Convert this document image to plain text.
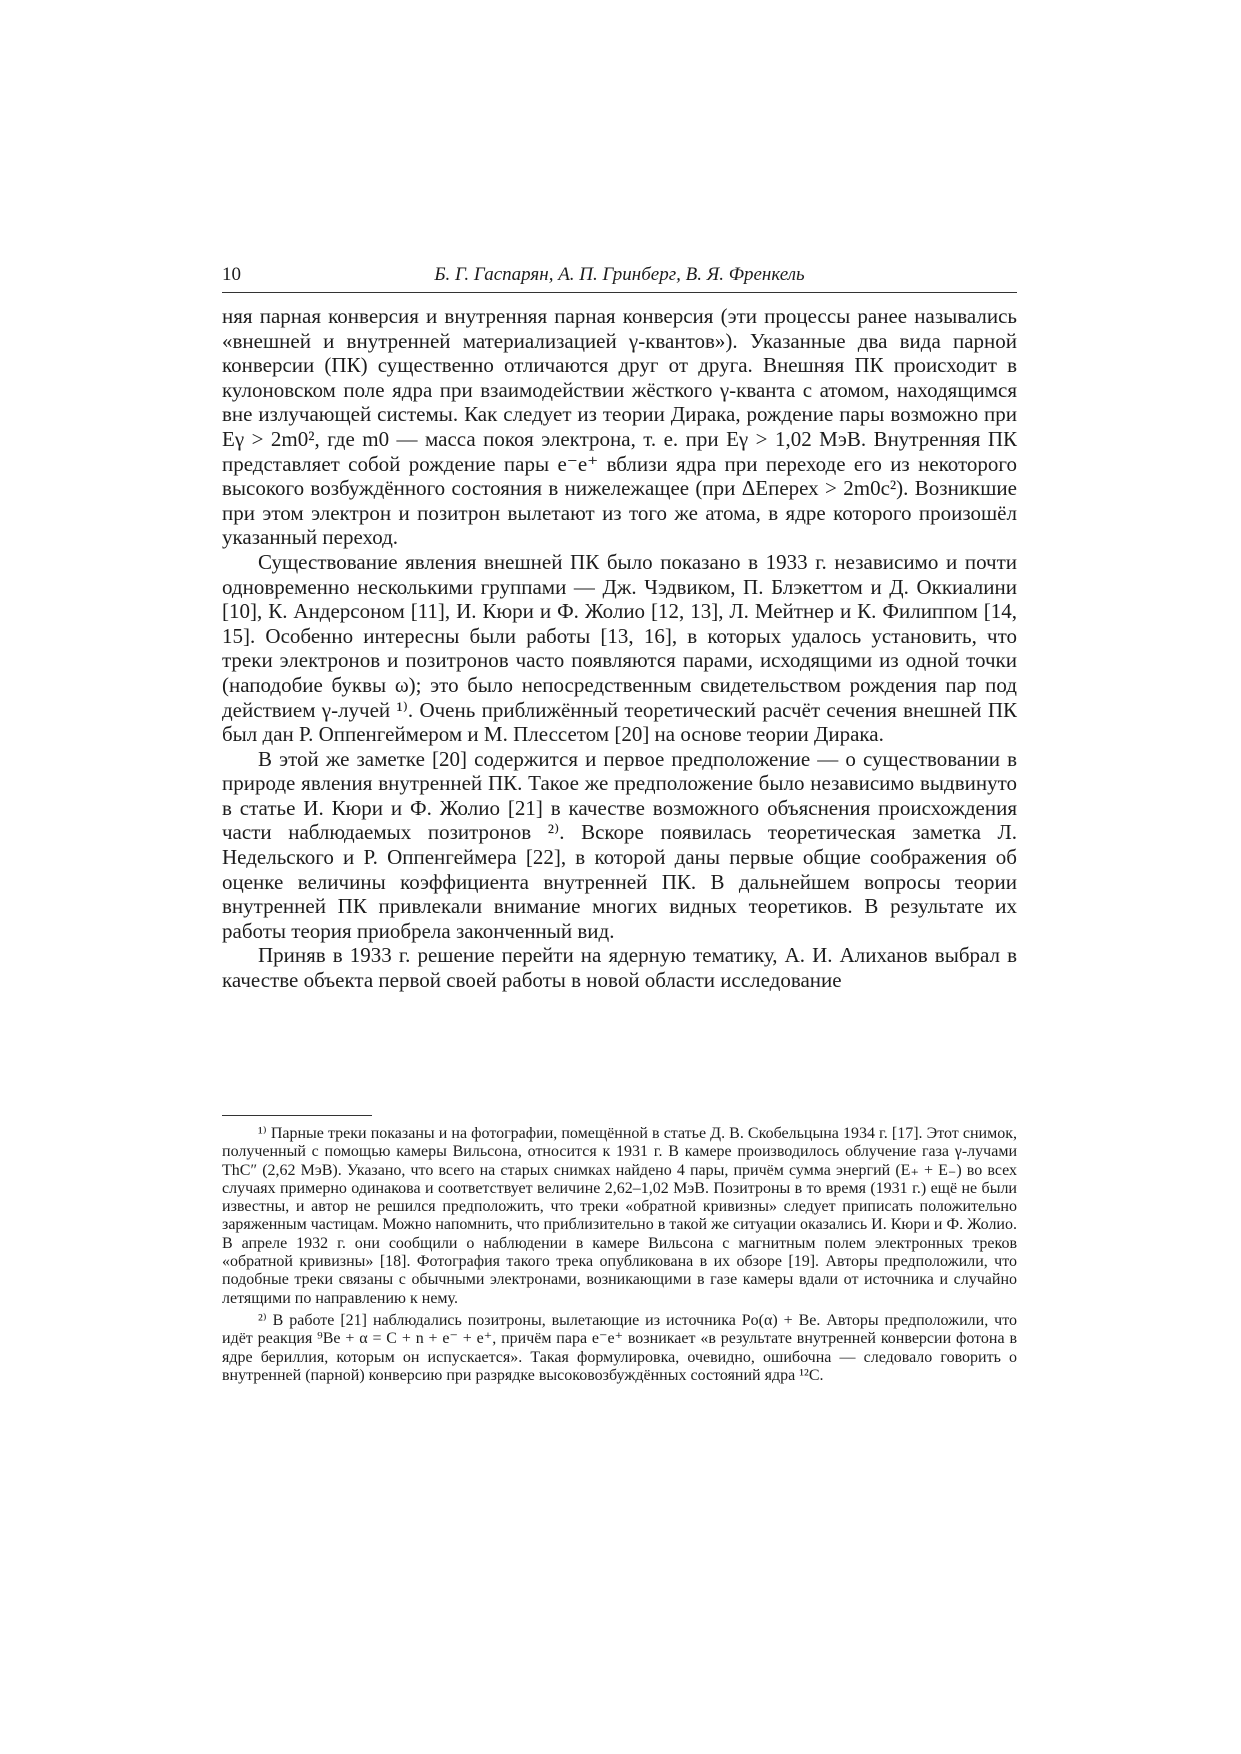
10	Б. Г. Гаспарян, А. П. Гринберг, В. Я. Френкель

няя парная конверсия и внутренняя парная конверсия (эти процессы ранее назывались «внешней и внутренней материализацией γ-квантов»). Указанные два вида парной конверсии (ПК) существенно отличаются друг от друга. Внешняя ПК происходит в кулоновском поле ядра при взаимодействии жёсткого γ-кванта с атомом, находящимся вне излучающей системы. Как следует из теории Дирака, рождение пары возможно при Eγ > 2m0², где m0 — масса покоя электрона, т. е. при Eγ > 1,02 МэВ. Внутренняя ПК представляет собой рождение пары e⁻e⁺ вблизи ядра при переходе его из некоторого высокого возбуждённого состояния в нижележащее (при ΔEперех > 2m0c²). Возникшие при этом электрон и позитрон вылетают из того же атома, в ядре которого произошёл указанный переход.

Существование явления внешней ПК было показано в 1933 г. независимо и почти одновременно несколькими группами — Дж. Чэдвиком, П. Блэкеттом и Д. Оккиалини [10], К. Андерсоном [11], И. Кюри и Ф. Жолио [12, 13], Л. Мейтнер и К. Филиппом [14, 15]. Особенно интересны были работы [13, 16], в которых удалось установить, что треки электронов и позитронов часто появляются парами, исходящими из одной точки (наподобие буквы ω); это было непосредственным свидетельством рождения пар под действием γ-лучей ¹⁾. Очень приближённый теоретический расчёт сечения внешней ПК был дан Р. Оппенгеймером и М. Плессетом [20] на основе теории Дирака.

В этой же заметке [20] содержится и первое предположение — о существовании в природе явления внутренней ПК. Такое же предположение было независимо выдвинуто в статье И. Кюри и Ф. Жолио [21] в качестве возможного объяснения происхождения части наблюдаемых позитронов ²⁾. Вскоре появилась теоретическая заметка Л. Недельского и Р. Оппенгеймера [22], в которой даны первые общие соображения об оценке величины коэффициента внутренней ПК. В дальнейшем вопросы теории внутренней ПК привлекали внимание многих видных теоретиков. В результате их работы теория приобрела законченный вид.

Приняв в 1933 г. решение перейти на ядерную тематику, А. И. Алиханов выбрал в качестве объекта первой своей работы в новой области исследование

¹⁾ Парные треки показаны и на фотографии, помещённой в статье Д. В. Скобельцына 1934 г. [17]. Этот снимок, полученный с помощью камеры Вильсона, относится к 1931 г. В камере производилось облучение газа γ-лучами ThC″ (2,62 МэВ). Указано, что всего на старых снимках найдено 4 пары, причём сумма энергий (E₊ + E₋) во всех случаях примерно одинакова и соответствует величине 2,62–1,02 МэВ. Позитроны в то время (1931 г.) ещё не были известны, и автор не решился предположить, что треки «обратной кривизны» следует приписать положительно заряженным частицам. Можно напомнить, что приблизительно в такой же ситуации оказались И. Кюри и Ф. Жолио. В апреле 1932 г. они сообщили о наблюдении в камере Вильсона с магнитным полем электронных треков «обратной кривизны» [18]. Фотография такого трека опубликована в их обзоре [19]. Авторы предположили, что подобные треки связаны с обычными электронами, возникающими в газе камеры вдали от источника и случайно летящими по направлению к нему.

²⁾ В работе [21] наблюдались позитроны, вылетающие из источника Po(α) + Be. Авторы предположили, что идёт реакция ⁹Be + α = C + n + e⁻ + e⁺, причём пара e⁻e⁺ возникает «в результате внутренней конверсии фотона в ядре бериллия, которым он испускается». Такая формулировка, очевидно, ошибочна — следовало говорить о внутренней (парной) конверсию при разрядке высоковозбуждённых состояний ядра ¹²C.
